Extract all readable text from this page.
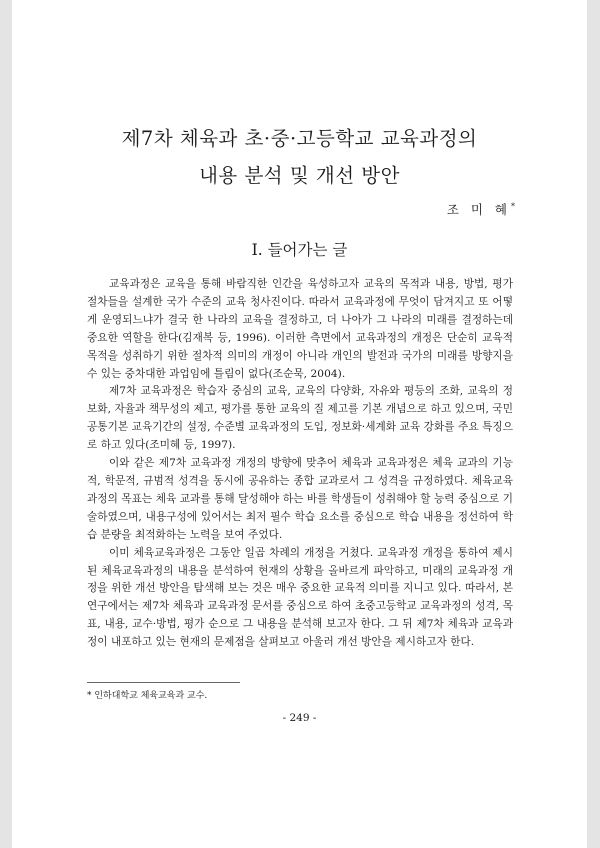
제7차 체육과 초·중·고등학교 교육과정의
내용 분석 및 개선 방안
조 미 혜*
Ⅰ. 들어가는 글

교육과정은 교육을 통해 바람직한 인간을 육성하고자 교육의 목적과 내용, 방법, 평가 절차들을 설계한 국가 수준의 교육 청사진이다. 따라서 교육과정에 무엇이 담겨지고 또 어떻게 운영되느냐가 결국 한 나라의 교육을 결정하고, 더 나아가 그 나라의 미래를 결정하는데 중요한 역할을 한다(김재복 등, 1996). 이러한 측면에서 교육과정의 개정은 단순히 교육적 목적을 성취하기 위한 절차적 의미의 개정이 아니라 개인의 발전과 국가의 미래를 방향지을 수 있는 중차대한 과업임에 틀림이 없다(조순묵, 2004).

제7차 교육과정은 학습자 중심의 교육, 교육의 다양화, 자유와 평등의 조화, 교육의 정보화, 자율과 책무성의 제고, 평가를 통한 교육의 질 제고를 기본 개념으로 하고 있으며, 국민공통기본 교육기간의 설정, 수준별 교육과정의 도입, 정보화·세계화 교육 강화를 주요 특징으로 하고 있다(조미혜 등, 1997).

이와 같은 제7차 교육과정 개정의 방향에 맞추어 체육과 교육과정은 체육 교과의 기능적, 학문적, 규범적 성격을 동시에 공유하는 종합 교과로서 그 성격을 규정하였다. 체육교육과정의 목표는 체육 교과를 통해 달성해야 하는 바를 학생들이 성취해야 할 능력 중심으로 기술하였으며, 내용구성에 있어서는 최저 필수 학습 요소를 중심으로 학습 내용을 정선하여 학습 분량을 최적화하는 노력을 보여 주었다.

이미 체육교육과정은 그동안 일곱 차례의 개정을 거쳤다. 교육과정 개정을 통하여 제시된 체육교육과정의 내용을 분석하여 현재의 상황을 올바르게 파악하고, 미래의 교육과정 개정을 위한 개선 방안을 탐색해 보는 것은 매우 중요한 교육적 의미를 지니고 있다. 따라서, 본 연구에서는 제7차 체육과 교육과정 문서를 중심으로 하여 초중고등학교 교육과정의 성격, 목표, 내용, 교수·방법, 평가 순으로 그 내용을 분석해 보고자 한다. 그 뒤 제7차 체육과 교육과정이 내포하고 있는 현재의 문제점을 살펴보고 아울러 개선 방안을 제시하고자 한다.

* 인하대학교 체육교육과 교수.
- 249 -
